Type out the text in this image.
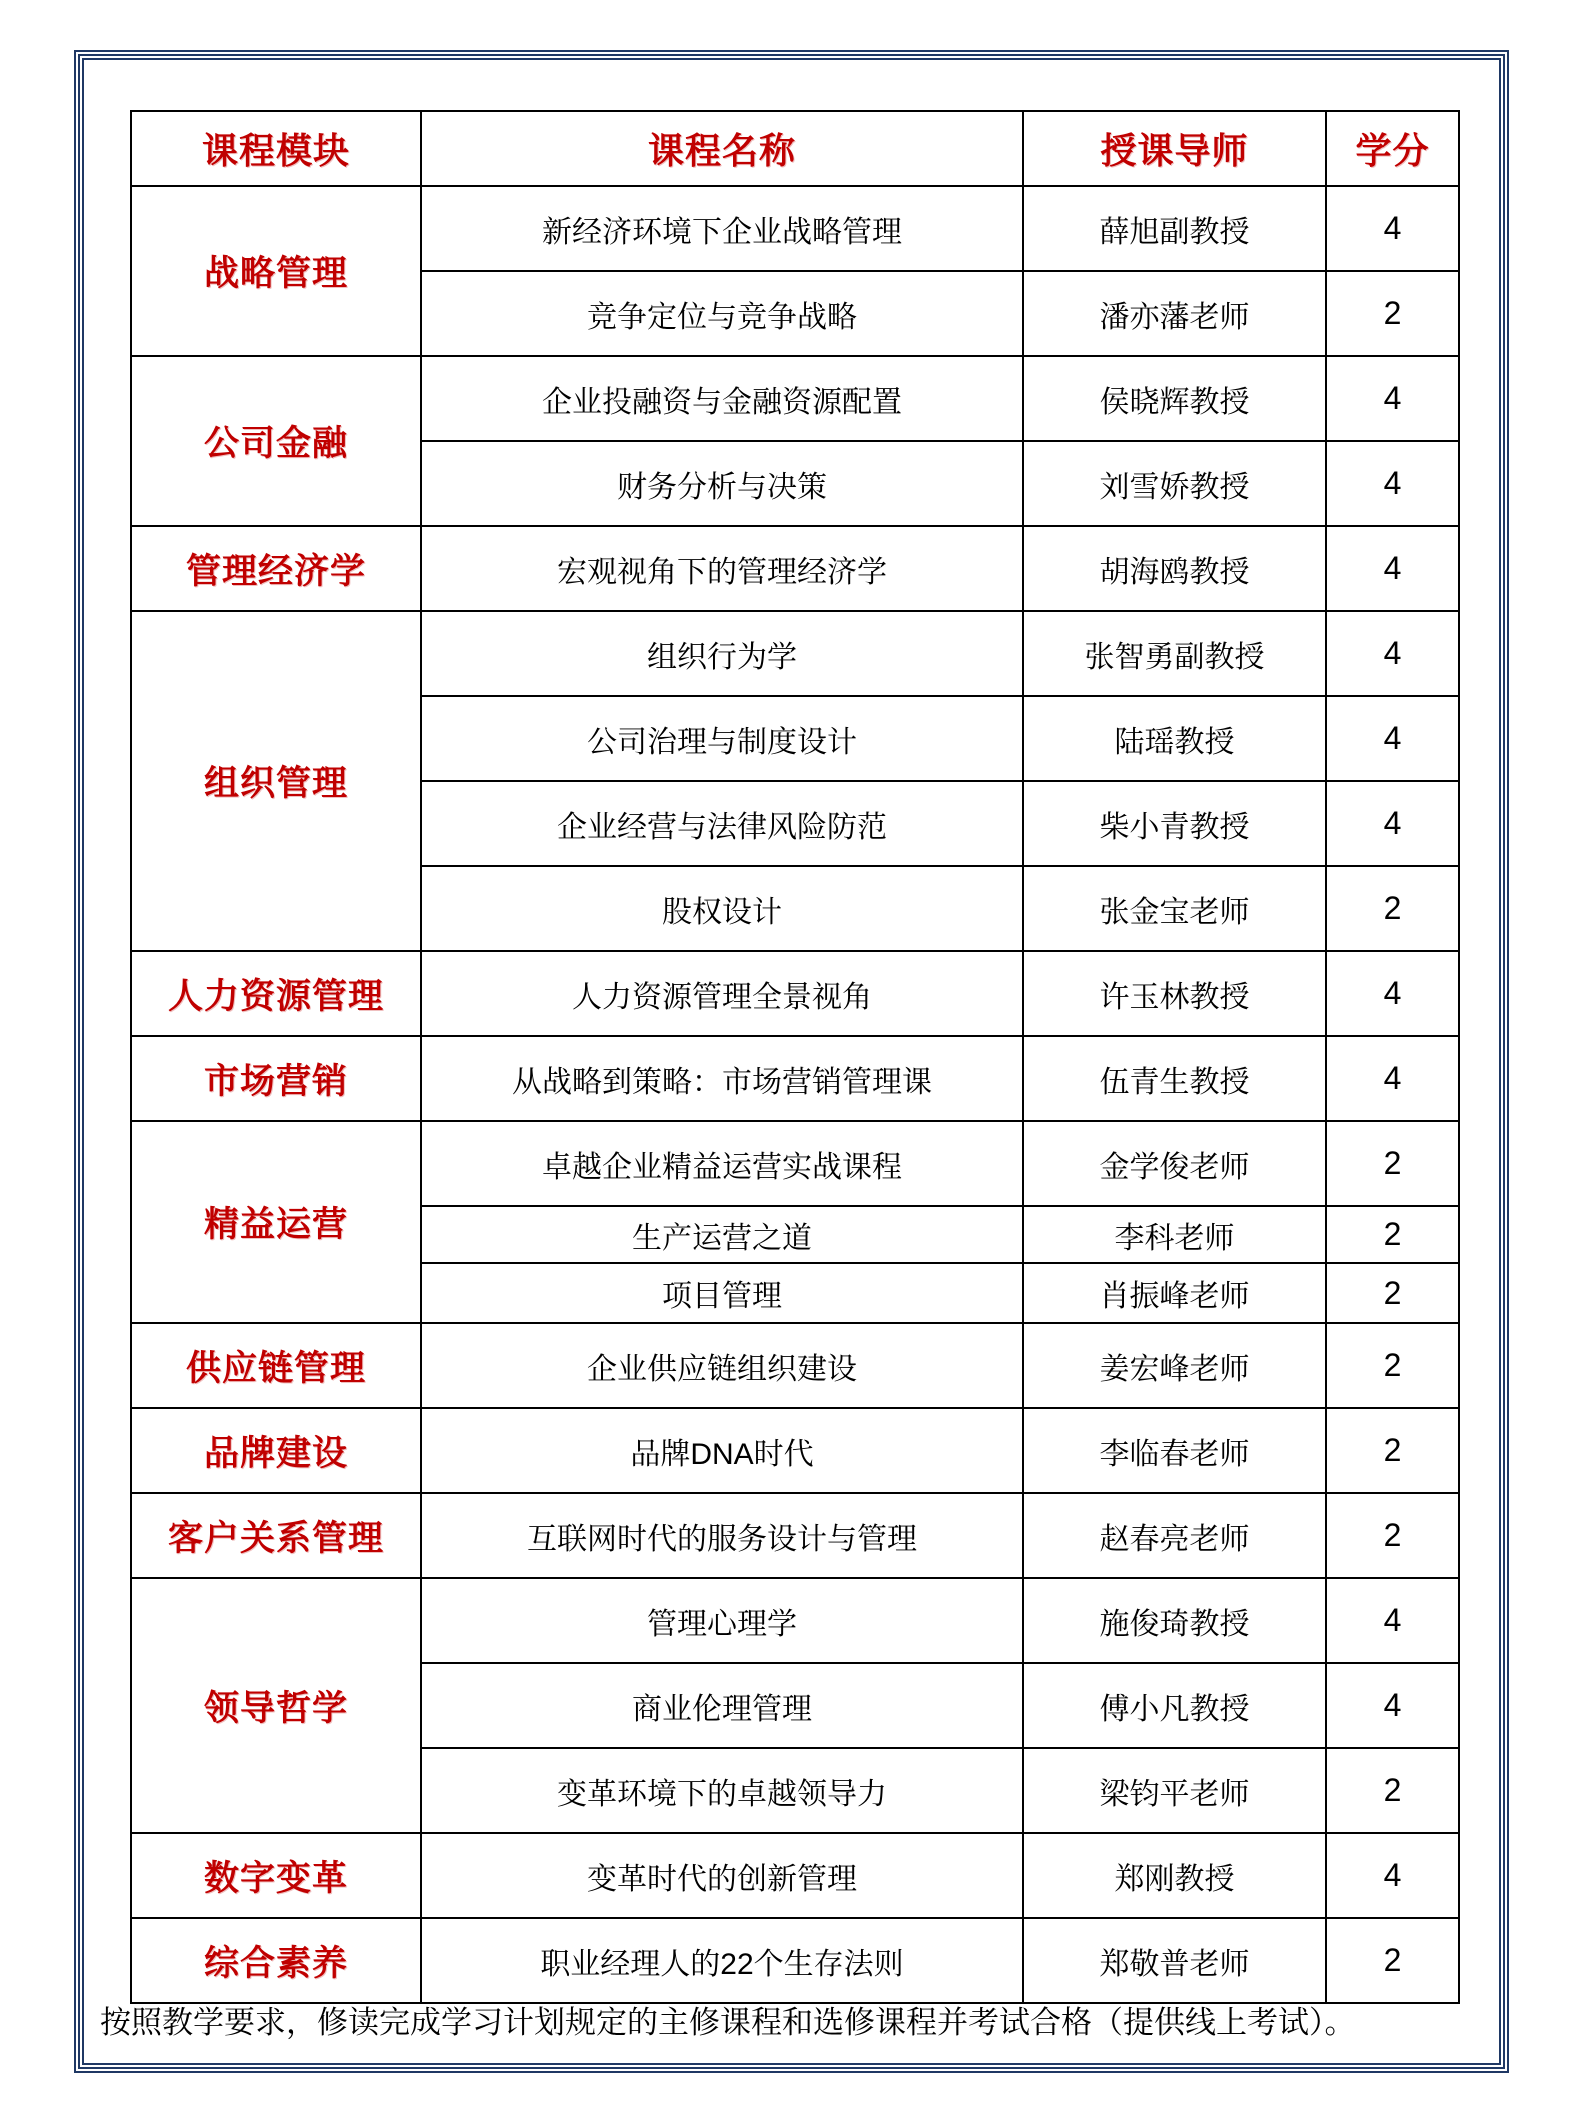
课程模块	课程名称	授课导师	学分
战略管理	新经济环境下企业战略管理	薛旭副教授	4
	竞争定位与竞争战略	潘亦藩老师	2
公司金融	企业投融资与金融资源配置	侯晓辉教授	4
	财务分析与决策	刘雪娇教授	4
管理经济学	宏观视角下的管理经济学	胡海鸥教授	4
组织管理	组织行为学	张智勇副教授	4
	公司治理与制度设计	陆瑶教授	4
	企业经营与法律风险防范	柴小青教授	4
	股权设计	张金宝老师	2
人力资源管理	人力资源管理全景视角	许玉林教授	4
市场营销	从战略到策略：市场营销管理课	伍青生教授	4
精益运营	卓越企业精益运营实战课程	金学俊老师	2
	生产运营之道	李科老师	2
	项目管理	肖振峰老师	2
供应链管理	企业供应链组织建设	姜宏峰老师	2
品牌建设	品牌DNA时代	李临春老师	2
客户关系管理	互联网时代的服务设计与管理	赵春亮老师	2
领导哲学	管理心理学	施俊琦教授	4
	商业伦理管理	傅小凡教授	4
	变革环境下的卓越领导力	梁钧平老师	2
数字变革	变革时代的创新管理	郑刚教授	4
综合素养	职业经理人的22个生存法则	郑敬普老师	2
按照教学要求，修读完成学习计划规定的主修课程和选修课程并考试合格（提供线上考试）。
